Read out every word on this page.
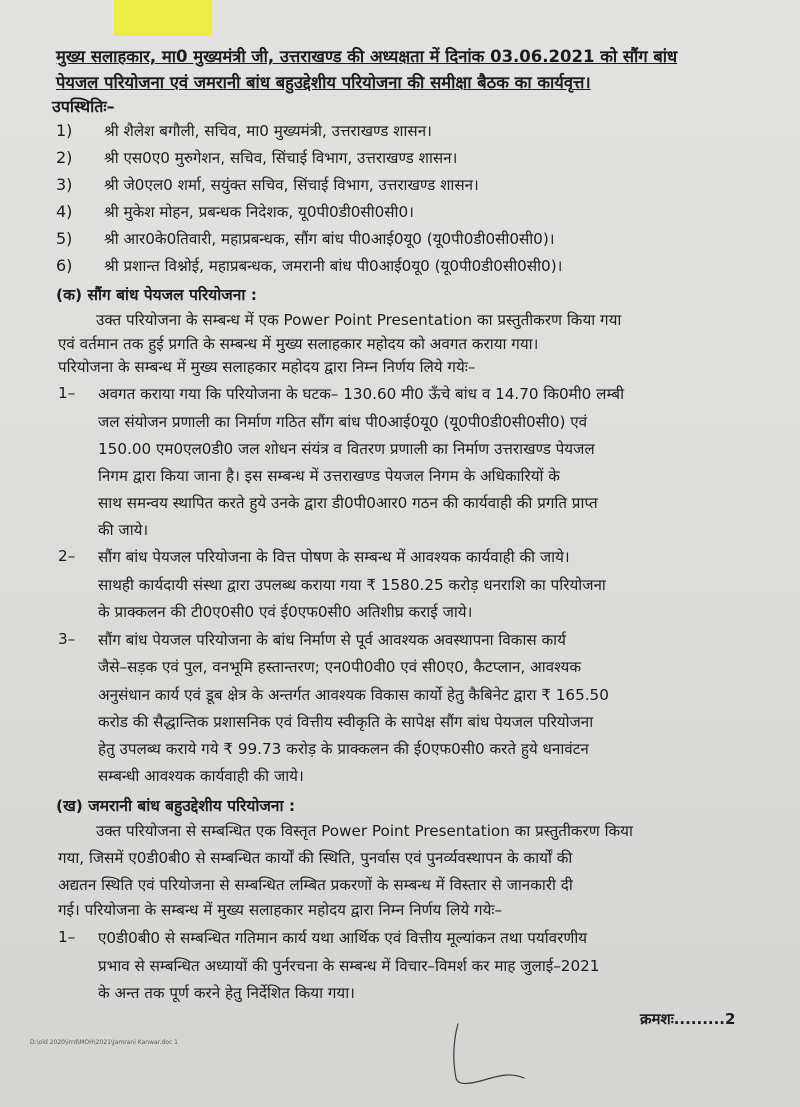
मुख्य सलाहकार, मा0 मुख्यमंत्री जी, उत्तराखण्ड की अध्यक्षता में दिनांक 03.06.2021 को सौंग बांध
पेयजल परियोजना एवं जमरानी बांध बहुउद्देशीय परियोजना की समीक्षा बैठक का कार्यवृत्त।
उपस्थितिः–
1) श्री शैलेश बगौली, सचिव, मा0 मुख्यमंत्री, उत्तराखण्ड शासन।
2) श्री एस0ए0 मुरुगेशन, सचिव, सिंचाई विभाग, उत्तराखण्ड शासन।
3) श्री जे0एल0 शर्मा, सयुंक्त सचिव, सिंचाई विभाग, उत्तराखण्ड शासन।
4) श्री मुकेश मोहन, प्रबन्धक निदेशक, यू0पी0डी0सी0सी0।
5) श्री आर0के0तिवारी, महाप्रबन्धक, सौंग बांध पी0आई0यू0 (यू0पी0डी0सी0सी0)।
6) श्री प्रशान्त विश्नोई, महाप्रबन्धक, जमरानी बांध पी0आई0यू0 (यू0पी0डी0सी0सी0)।
(क) सौंग बांध पेयजल परियोजना :
उक्त परियोजना के सम्बन्ध में एक Power Point Presentation का प्रस्तुतीकरण किया गया
एवं वर्तमान तक हुई प्रगति के सम्बन्ध में मुख्य सलाहकार महोदय को अवगत कराया गया।
परियोजना के सम्बन्ध में मुख्य सलाहकार महोदय द्वारा निम्न निर्णय लिये गयेः–
1– अवगत कराया गया कि परियोजना के घटक– 130.60 मी0 ऊँचे बांध व 14.70 कि0मी0 लम्बी
जल संयोजन प्रणाली का निर्माण गठित सौंग बांध पी0आई0यू0 (यू0पी0डी0सी0सी0) एवं
150.00 एम0एल0डी0 जल शोधन संयंत्र व वितरण प्रणाली का निर्माण उत्तराखण्ड पेयजल
निगम द्वारा किया जाना है। इस सम्बन्ध में उत्तराखण्ड पेयजल निगम के अधिकारियों के
साथ समन्वय स्थापित करते हुये उनके द्वारा डी0पी0आर0 गठन की कार्यवाही की प्रगति प्राप्त
की जाये।
2– सौंग बांध पेयजल परियोजना के वित्त पोषण के सम्बन्ध में आवश्यक कार्यवाही की जाये।
साथही कार्यदायी संस्था द्वारा उपलब्ध कराया गया ₹ 1580.25 करोड़ धनराशि का परियोजना
के प्राक्कलन की टी0ए0सी0 एवं ई0एफ0सी0 अतिशीघ्र कराई जाये।
3– सौंग बांध पेयजल परियोजना के बांध निर्माण से पूर्व आवश्यक अवस्थापना विकास कार्य
जैसे–सड़क एवं पुल, वनभूमि हस्तान्तरण; एन0पी0वी0 एवं सी0ए0, कैटप्लान, आवश्यक
अनुसंधान कार्य एवं डूब क्षेत्र के अन्तर्गत आवश्यक विकास कार्यो हेतु कैबिनेट द्वारा ₹ 165.50
करोड की सैद्धान्तिक प्रशासनिक एवं वित्तीय स्वीकृति के सापेक्ष सौंग बांध पेयजल परियोजना
हेतु उपलब्ध कराये गये ₹ 99.73 करोड़ के प्राक्कलन की ई0एफ0सी0 करते हुये धनावंटन
सम्बन्धी आवश्यक कार्यवाही की जाये।
(ख) जमरानी बांध बहुउद्देशीय परियोजना :
उक्त परियोजना से सम्बन्धित एक विस्तृत Power Point Presentation का प्रस्तुतीकरण किया
गया, जिसमें ए0डी0बी0 से सम्बन्धित कार्यों की स्थिति, पुनर्वास एवं पुनर्व्यवस्थापन के कार्यों की
अद्यतन स्थिति एवं परियोजना से सम्बन्धित लम्बित प्रकरणों के सम्बन्ध में विस्तार से जानकारी दी
गई। परियोजना के सम्बन्ध में मुख्य सलाहकार महोदय द्वारा निम्न निर्णय लिये गयेः–
1– ए0डी0बी0 से सम्बन्धित गतिमान कार्य यथा आर्थिक एवं वित्तीय मूल्यांकन तथा पर्यावरणीय
प्रभाव से सम्बन्धित अध्यायों की पुर्नरचना के सम्बन्ध में विचार–विमर्श कर माह जुलाई–2021
के अन्त तक पूर्ण करने हेतु निर्देशित किया गया।
क्रमशः.........2
D:\old 2020\irrd\MOH\2021\Jamrani Kanwar.doc 1
